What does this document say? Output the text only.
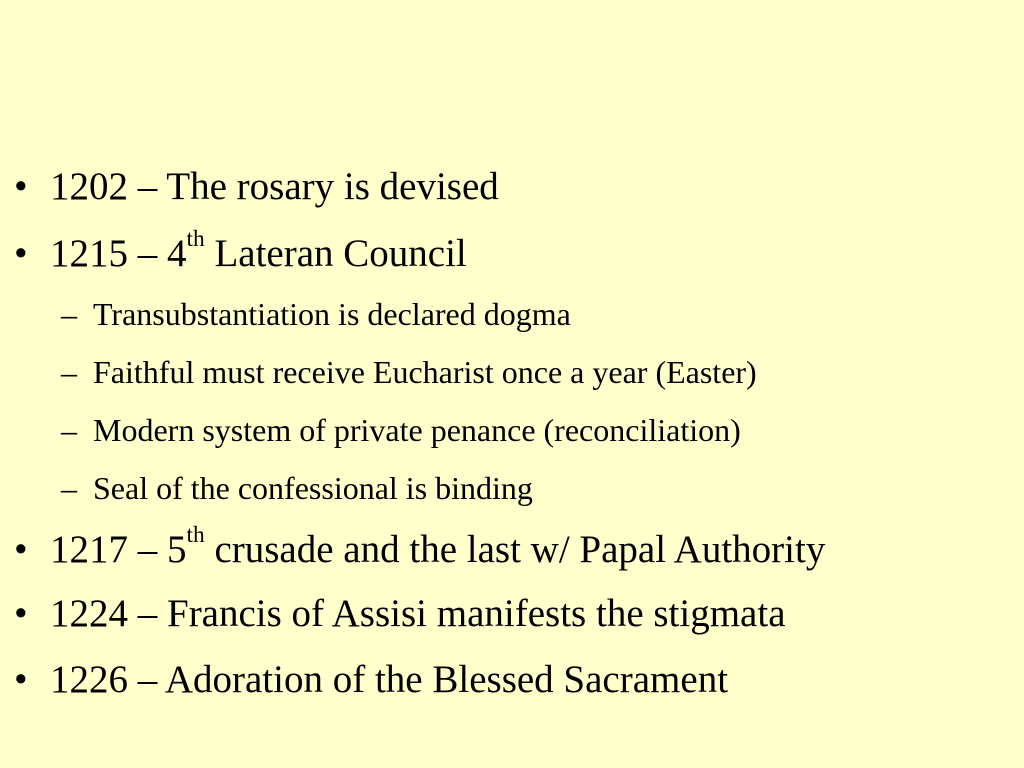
• 1202 – The rosary is devised
• 1215 – 4th Lateran Council
– Transubstantiation is declared dogma
– Faithful must receive Eucharist once a year (Easter)
– Modern system of private penance (reconciliation)
– Seal of the confessional is binding
• 1217 – 5th crusade and the last w/ Papal Authority
• 1224 – Francis of Assisi manifests the stigmata
• 1226 – Adoration of the Blessed Sacrament
